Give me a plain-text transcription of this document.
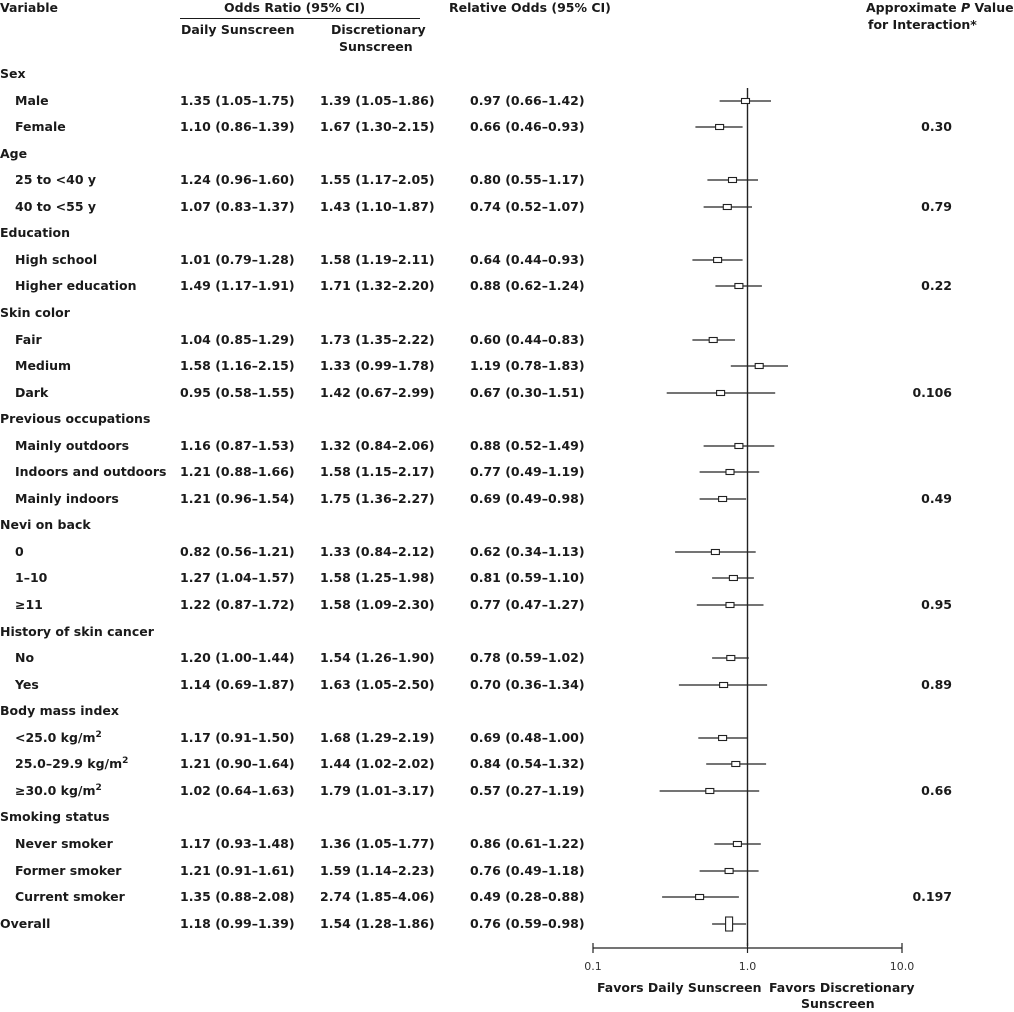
Variable	Odds Ratio (95% CI)
Daily Sunscreen	Discretionary
Sunscreen
Relative Odds (95% CI)	Approximate P Value
for Interaction*
Sex
Male	1.35 (1.05–1.75) 1.39 (1.05–1.86)	0.97 (0.66–1.42)
Female	1.10 (0.86–1.39) 1.67 (1.30–2.15)	0.66 (0.46–0.93)	0.30
Age
25 to <40 y	1.24 (0.96–1.60) 1.55 (1.17–2.05)	0.80 (0.55–1.17)
40 to <55 y	1.07 (0.83–1.37) 1.43 (1.10–1.87)	0.74 (0.52–1.07)	0.79
Education
High school	1.01 (0.79–1.28) 1.58 (1.19–2.11)	0.64 (0.44–0.93)
Higher education	1.49 (1.17–1.91) 1.71 (1.32–2.20)	0.88 (0.62–1.24)	0.22
Skin color
Fair	1.04 (0.85–1.29) 1.73 (1.35–2.22)	0.60 (0.44–0.83)
Medium	1.58 (1.16–2.15) 1.33 (0.99–1.78)	1.19 (0.78–1.83)
Dark	0.95 (0.58–1.55) 1.42 (0.67–2.99)	0.67 (0.30–1.51)	0.106
Previous occupations
Mainly outdoors	1.16 (0.87–1.53) 1.32 (0.84–2.06)	0.88 (0.52–1.49)
Indoors and outdoors 1.21 (0.88–1.66) 1.58 (1.15–2.17)	0.77 (0.49–1.19)
Mainly indoors	1.21 (0.96–1.54) 1.75 (1.36–2.27)	0.69 (0.49–0.98)	0.49
Nevi on back
0	0.82 (0.56–1.21) 1.33 (0.84–2.12)	0.62 (0.34–1.13)
1–10	1.27 (1.04–1.57) 1.58 (1.25–1.98)	0.81 (0.59–1.10)
≥11	1.22 (0.87–1.72) 1.58 (1.09–2.30)	0.77 (0.47–1.27)	0.95
History of skin cancer
No	1.20 (1.00–1.44) 1.54 (1.26–1.90)	0.78 (0.59–1.02)
Yes	1.14 (0.69–1.87) 1.63 (1.05–2.50)	0.70 (0.36–1.34)	0.89
Body mass index
<25.0 $kg/m^2$	1.17 (0.91–1.50) 1.68 (1.29–2.19)	0.69 (0.48–1.00)
25.0–29.9 $kg/m^2$	1.21 (0.90–1.64) 1.44 (1.02–2.02)	0.84 (0.54–1.32)
≥30.0 $kg/m^2$	1.02 (0.64–1.63) 1.79 (1.01–3.17)	0.57 (0.27–1.19)	0.66
Smoking status
Never smoker	1.17 (0.93–1.48) 1.36 (1.05–1.77)	0.86 (0.61–1.22)
Former smoker	1.21 (0.91–1.61) 1.59 (1.14–2.23)	0.76 (0.49–1.18)
Current smoker	1.35 (0.88–2.08) 2.74 (1.85–4.06)	0.49 (0.28–0.88)	0.197
Overall	1.18 (0.99–1.39) 1.54 (1.28–1.86)	0.76 (0.59–0.98)
0.1	1.0	10.0
Favors Daily Sunscreen Favors Discretionary
Sunscreen
